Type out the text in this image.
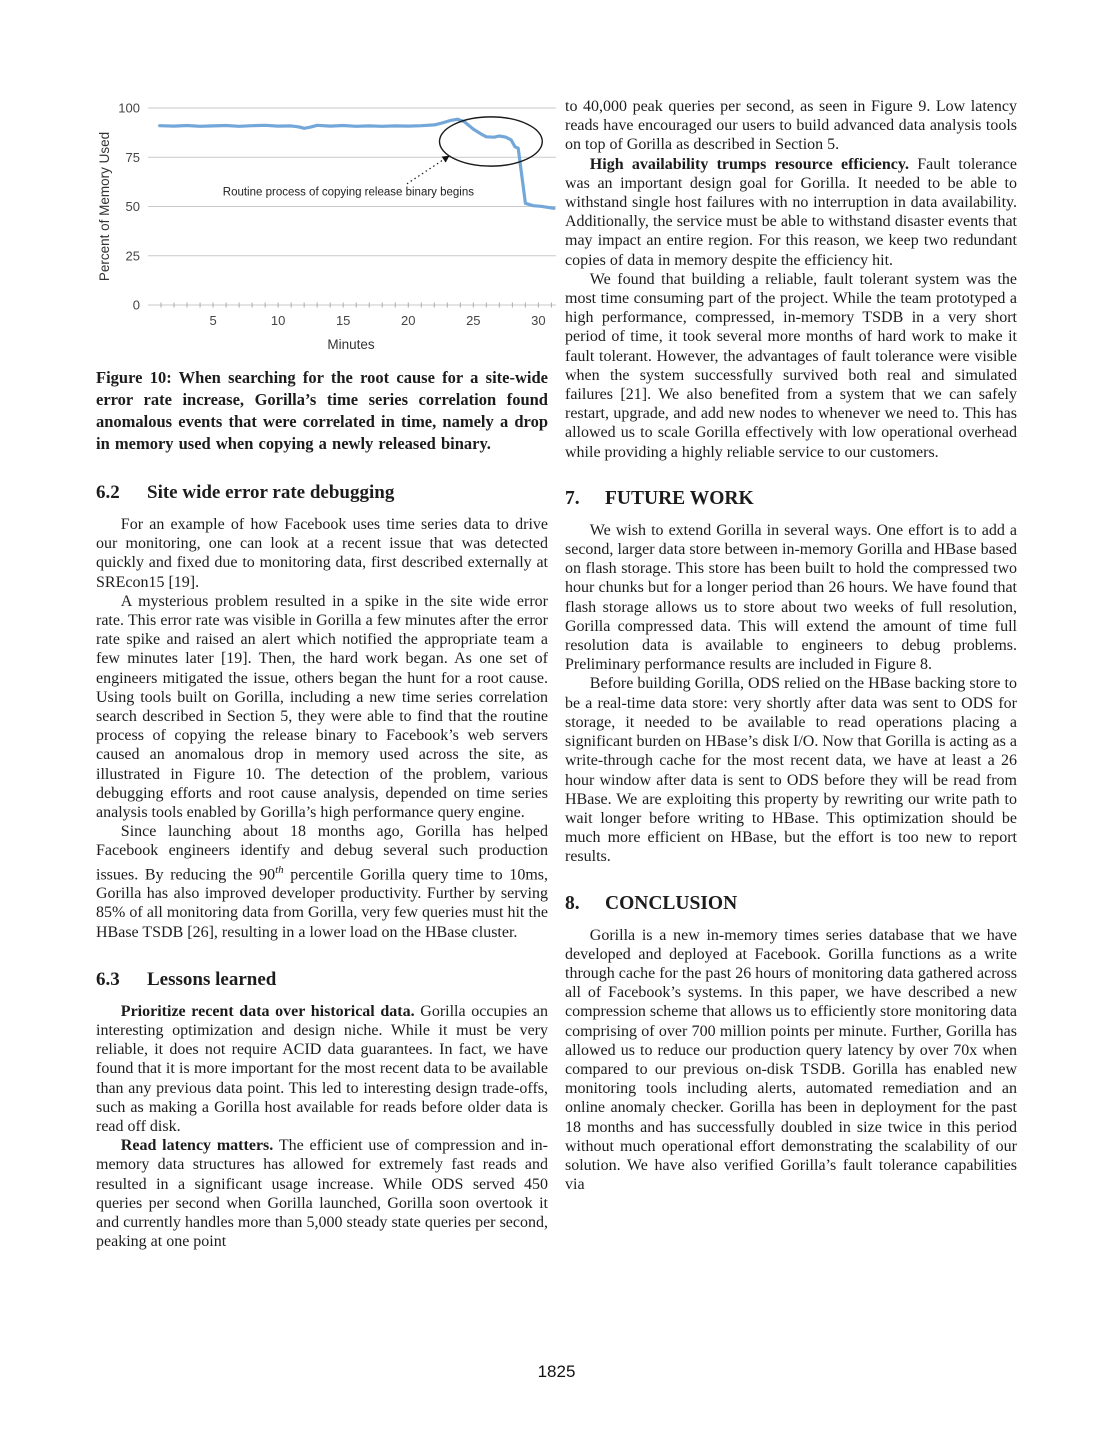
0
25
50
75
100
5	10	15	20	25	30
Minutes
Percent of Memory Used	Routine process of copying release binary begins
Figure 10: When searching for the root cause for a site-wide error rate increase, Gorilla’s time series correlation found anomalous events that were correlated in time, namely a drop in memory used when copying a newly released binary.
6.2 Site wide error rate debugging

For an example of how Facebook uses time series data to drive our monitoring, one can look at a recent issue that was detected quickly and fixed due to monitoring data, first described externally at SREcon15 [19].

A mysterious problem resulted in a spike in the site wide error rate. This error rate was visible in Gorilla a few minutes after the error rate spike and raised an alert which notified the appropriate team a few minutes later [19]. Then, the hard work began. As one set of engineers mitigated the issue, others began the hunt for a root cause. Using tools built on Gorilla, including a new time series correlation search described in Section 5, they were able to find that the routine process of copying the release binary to Facebook’s web servers caused an anomalous drop in memory used across the site, as illustrated in Figure 10. The detection of the problem, various debugging efforts and root cause analysis, depended on time series analysis tools enabled by Gorilla’s high performance query engine.

Since launching about 18 months ago, Gorilla has helped Facebook engineers identify and debug several such production issues. By reducing the 90th percentile Gorilla query time to 10ms, Gorilla has also improved developer productivity. Further by serving 85% of all monitoring data from Gorilla, very few queries must hit the HBase TSDB [26], resulting in a lower load on the HBase cluster.

6.3 Lessons learned

Prioritize recent data over historical data. Gorilla occupies an interesting optimization and design niche. While it must be very reliable, it does not require ACID data guarantees. In fact, we have found that it is more important for the most recent data to be available than any previous data point. This led to interesting design trade-offs, such as making a Gorilla host available for reads before older data is read off disk.

Read latency matters. The efficient use of compression and in-memory data structures has allowed for extremely fast reads and resulted in a significant usage increase. While ODS served 450 queries per second when Gorilla launched, Gorilla soon overtook it and currently handles more than 5,000 steady state queries per second, peaking at one point

to 40,000 peak queries per second, as seen in Figure 9. Low latency reads have encouraged our users to build advanced data analysis tools on top of Gorilla as described in Section 5.

High availability trumps resource efficiency. Fault tolerance was an important design goal for Gorilla. It needed to be able to withstand single host failures with no interruption in data availability. Additionally, the service must be able to withstand disaster events that may impact an entire region. For this reason, we keep two redundant copies of data in memory despite the efficiency hit.

We found that building a reliable, fault tolerant system was the most time consuming part of the project. While the team prototyped a high performance, compressed, in-memory TSDB in a very short period of time, it took several more months of hard work to make it fault tolerant. However, the advantages of fault tolerance were visible when the system successfully survived both real and simulated failures [21]. We also benefited from a system that we can safely restart, upgrade, and add new nodes to whenever we need to. This has allowed us to scale Gorilla effectively with low operational overhead while providing a highly reliable service to our customers.

7. FUTURE WORK

We wish to extend Gorilla in several ways. One effort is to add a second, larger data store between in-memory Gorilla and HBase based on flash storage. This store has been built to hold the compressed two hour chunks but for a longer period than 26 hours. We have found that flash storage allows us to store about two weeks of full resolution, Gorilla compressed data. This will extend the amount of time full resolution data is available to engineers to debug problems. Preliminary performance results are included in Figure 8.

Before building Gorilla, ODS relied on the HBase backing store to be a real-time data store: very shortly after data was sent to ODS for storage, it needed to be available to read operations placing a significant burden on HBase’s disk I/O. Now that Gorilla is acting as a write-through cache for the most recent data, we have at least a 26 hour window after data is sent to ODS before they will be read from HBase. We are exploiting this property by rewriting our write path to wait longer before writing to HBase. This optimization should be much more efficient on HBase, but the effort is too new to report results.

8. CONCLUSION

Gorilla is a new in-memory times series database that we have developed and deployed at Facebook. Gorilla functions as a write through cache for the past 26 hours of monitoring data gathered across all of Facebook’s systems. In this paper, we have described a new compression scheme that allows us to efficiently store monitoring data comprising of over 700 million points per minute. Further, Gorilla has allowed us to reduce our production query latency by over 70x when compared to our previous on-disk TSDB. Gorilla has enabled new monitoring tools including alerts, automated remediation and an online anomaly checker. Gorilla has been in deployment for the past 18 months and has successfully doubled in size twice in this period without much operational effort demonstrating the scalability of our solution. We have also verified Gorilla’s fault tolerance capabilities via

1825
